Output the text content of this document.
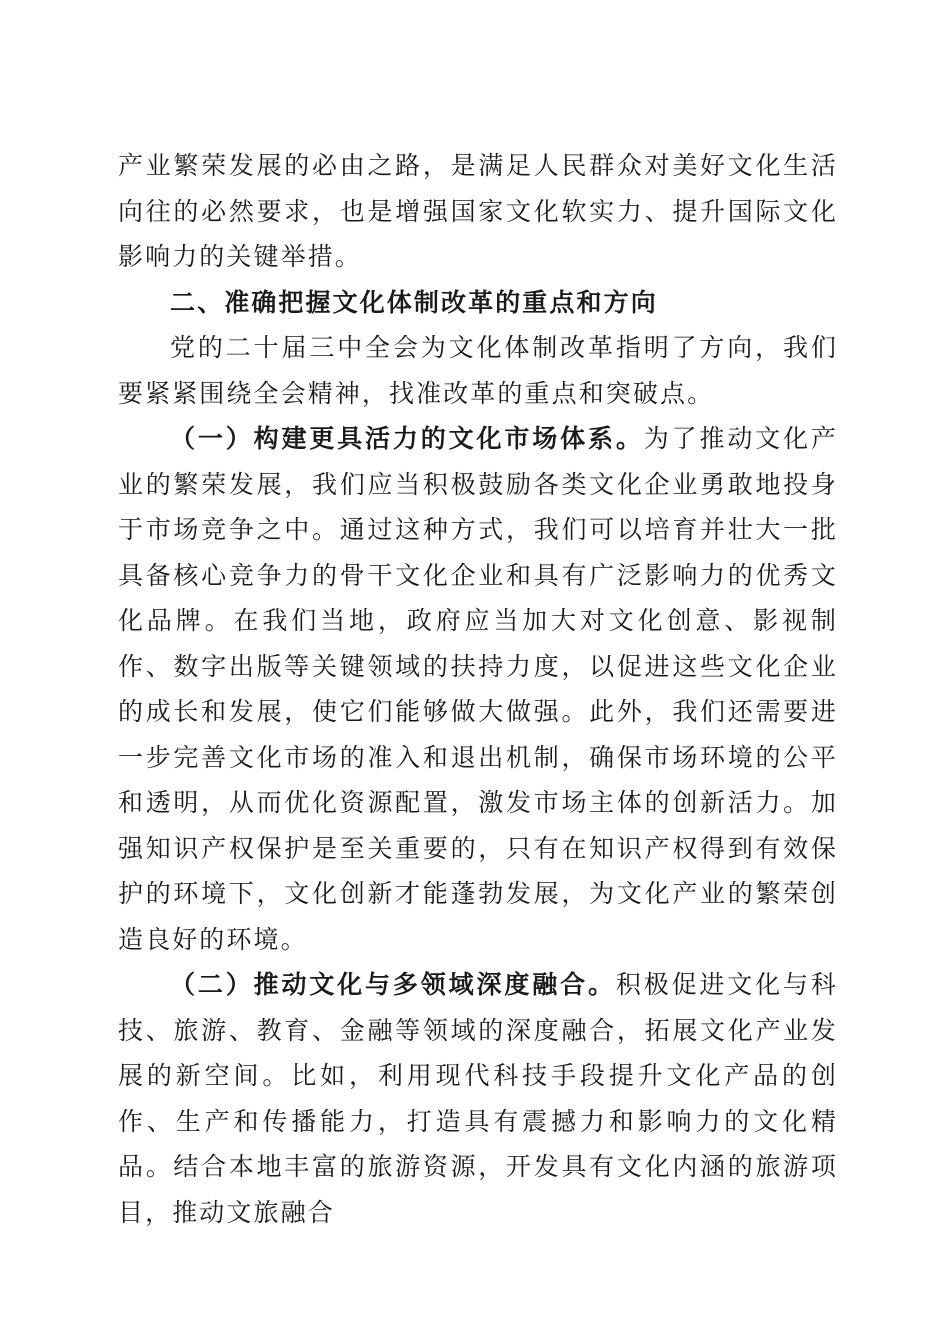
产业繁荣发展的必由之路，是满足人民群众对美好文化生活向往的必然要求，也是增强国家文化软实力、提升国际文化影响力的关键举措。

二、准确把握文化体制改革的重点和方向

党的二十届三中全会为文化体制改革指明了方向，我们要紧紧围绕全会精神，找准改革的重点和突破点。

（一）构建更具活力的文化市场体系。为了推动文化产业的繁荣发展，我们应当积极鼓励各类文化企业勇敢地投身于市场竞争之中。通过这种方式，我们可以培育并壮大一批具备核心竞争力的骨干文化企业和具有广泛影响力的优秀文化品牌。在我们当地，政府应当加大对文化创意、影视制作、数字出版等关键领域的扶持力度，以促进这些文化企业的成长和发展，使它们能够做大做强。此外，我们还需要进一步完善文化市场的准入和退出机制，确保市场环境的公平和透明，从而优化资源配置，激发市场主体的创新活力。加强知识产权保护是至关重要的，只有在知识产权得到有效保护的环境下，文化创新才能蓬勃发展，为文化产业的繁荣创造良好的环境。

（二）推动文化与多领域深度融合。积极促进文化与科技、旅游、教育、金融等领域的深度融合，拓展文化产业发展的新空间。比如，利用现代科技手段提升文化产品的创作、生产和传播能力，打造具有震撼力和影响力的文化精品。结合本地丰富的旅游资源，开发具有文化内涵的旅游项目，推动文旅融合
